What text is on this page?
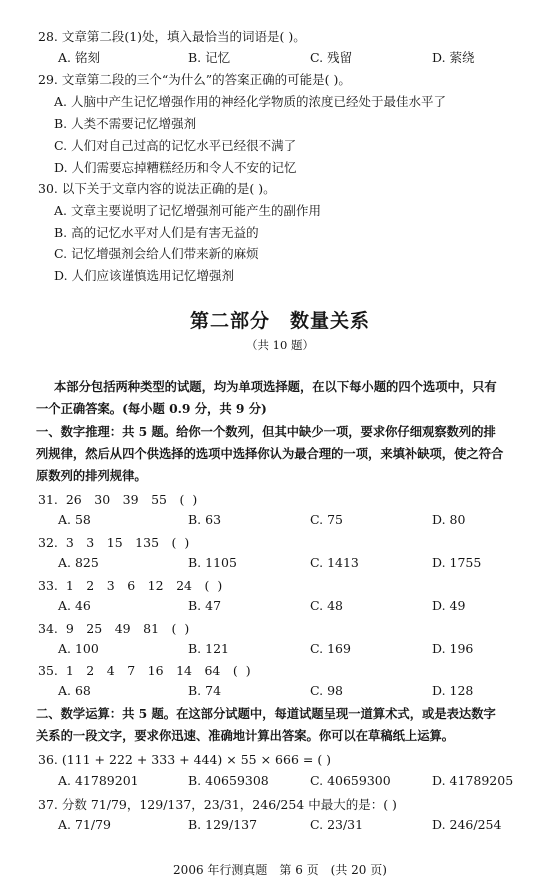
28. 文章第二段(1)处，填入最恰当的词语是( )。
A. 铭刻	B. 记忆	C. 残留	D. 萦绕
29. 文章第二段的三个“为什么”的答案正确的可能是( )。
A. 人脑中产生记忆增强作用的神经化学物质的浓度已经处于最佳水平了
B. 人类不需要记忆增强剂
C. 人们对自己过高的记忆水平已经很不满了
D. 人们需要忘掉糟糕经历和令人不安的记忆
30. 以下关于文章内容的说法正确的是( )。
A. 文章主要说明了记忆增强剂可能产生的副作用
B. 高的记忆水平对人们是有害无益的
C. 记忆增强剂会给人们带来新的麻烦
D. 人们应该谨慎选用记忆增强剂
第二部分　数量关系
（共 10 题）
本部分包括两种类型的试题，均为单项选择题，在以下每小题的四个选项中，只有
一个正确答案。(每小题 0.9 分，共 9 分)
一、数字推理：共 5 题。给你一个数列，但其中缺少一项，要求你仔细观察数列的排
列规律，然后从四个供选择的选项中选择你认为最合理的一项，来填补缺项，使之符合
原数列的排列规律。
31. 26　30　39　55　( )
A. 58	B. 63	C. 75	D. 80
32. 3　3　15　135　( )
A. 825	B. 1105	C. 1413	D. 1755
33. 1　2　3　6　12　24　( )
A. 46	B. 47	C. 48	D. 49
34. 9　25　49　81　( )
A. 100	B. 121	C. 169	D. 196
35. 1　2　4　7　16　14　64　( )
A. 68	B. 74	C. 98	D. 128
二、数学运算：共 5 题。在这部分试题中，每道试题呈现一道算术式，或是表达数字
关系的一段文字，要求你迅速、准确地计算出答案。你可以在草稿纸上运算。
36. (111 + 222 + 333 + 444) × 55 × 666 = ( )
A. 41789201	B. 40659308	C. 40659300	D. 41789205
37. 分数 71/79，129/137，23/31，246/254 中最大的是：( )
A. 71/79	B. 129/137	C. 23/31	D. 246/254
2006 年行测真题　第 6 页　(共 20 页)
